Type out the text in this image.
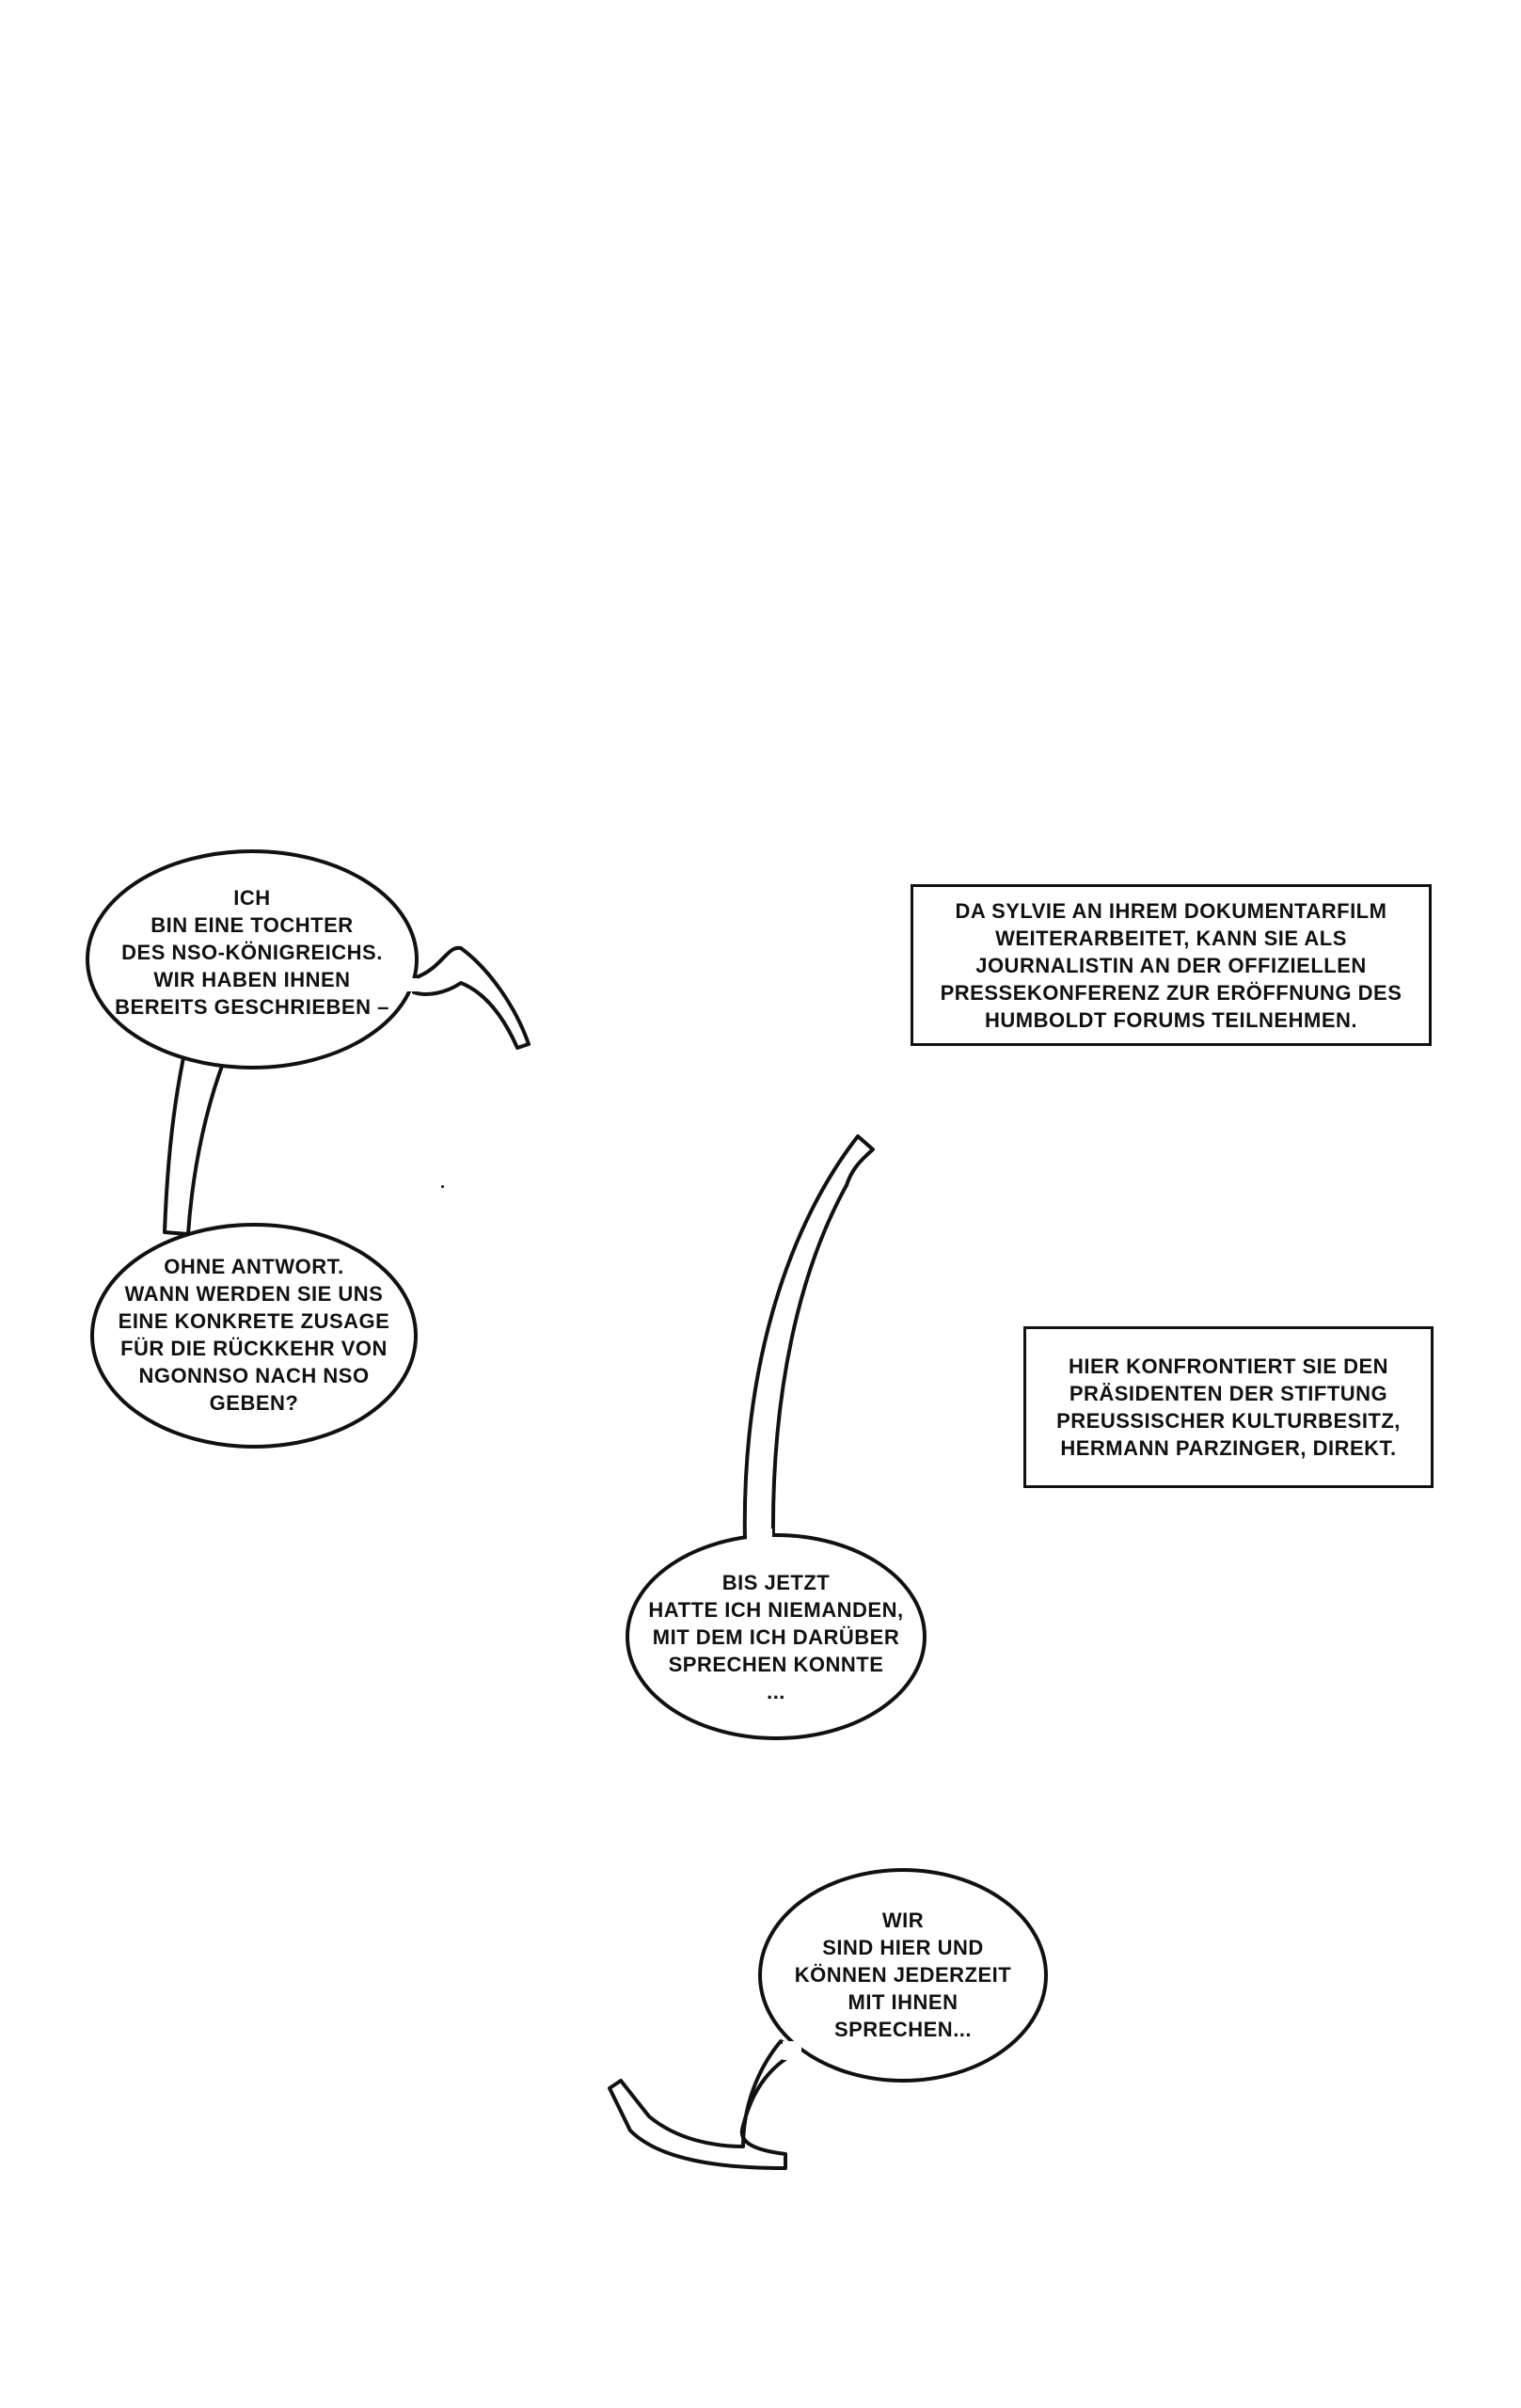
ICH
BIN EINE TOCHTER
DES NSO-KÖNIGREICHS.
WIR HABEN IHNEN
BEREITS GESCHRIEBEN –

OHNE ANTWORT.
WANN WERDEN SIE UNS
EINE KONKRETE ZUSAGE
FÜR DIE RÜCKKEHR VON
NGONNSO NACH NSO
GEBEN?

BIS JETZT
HATTE ICH NIEMANDEN,
MIT DEM ICH DARÜBER
SPRECHEN KONNTE
...

WIR
SIND HIER UND
KÖNNEN JEDERZEIT
MIT IHNEN
SPRECHEN...

DA SYLVIE AN IHREM DOKUMENTARFILM
WEITERARBEITET, KANN SIE ALS
JOURNALISTIN AN DER OFFIZIELLEN
PRESSEKONFERENZ ZUR ERÖFFNUNG DES
HUMBOLDT FORUMS TEILNEHMEN.

HIER KONFRONTIERT SIE DEN
PRÄSIDENTEN DER STIFTUNG
PREUSSISCHER KULTURBESITZ,
HERMANN PARZINGER, DIREKT.
